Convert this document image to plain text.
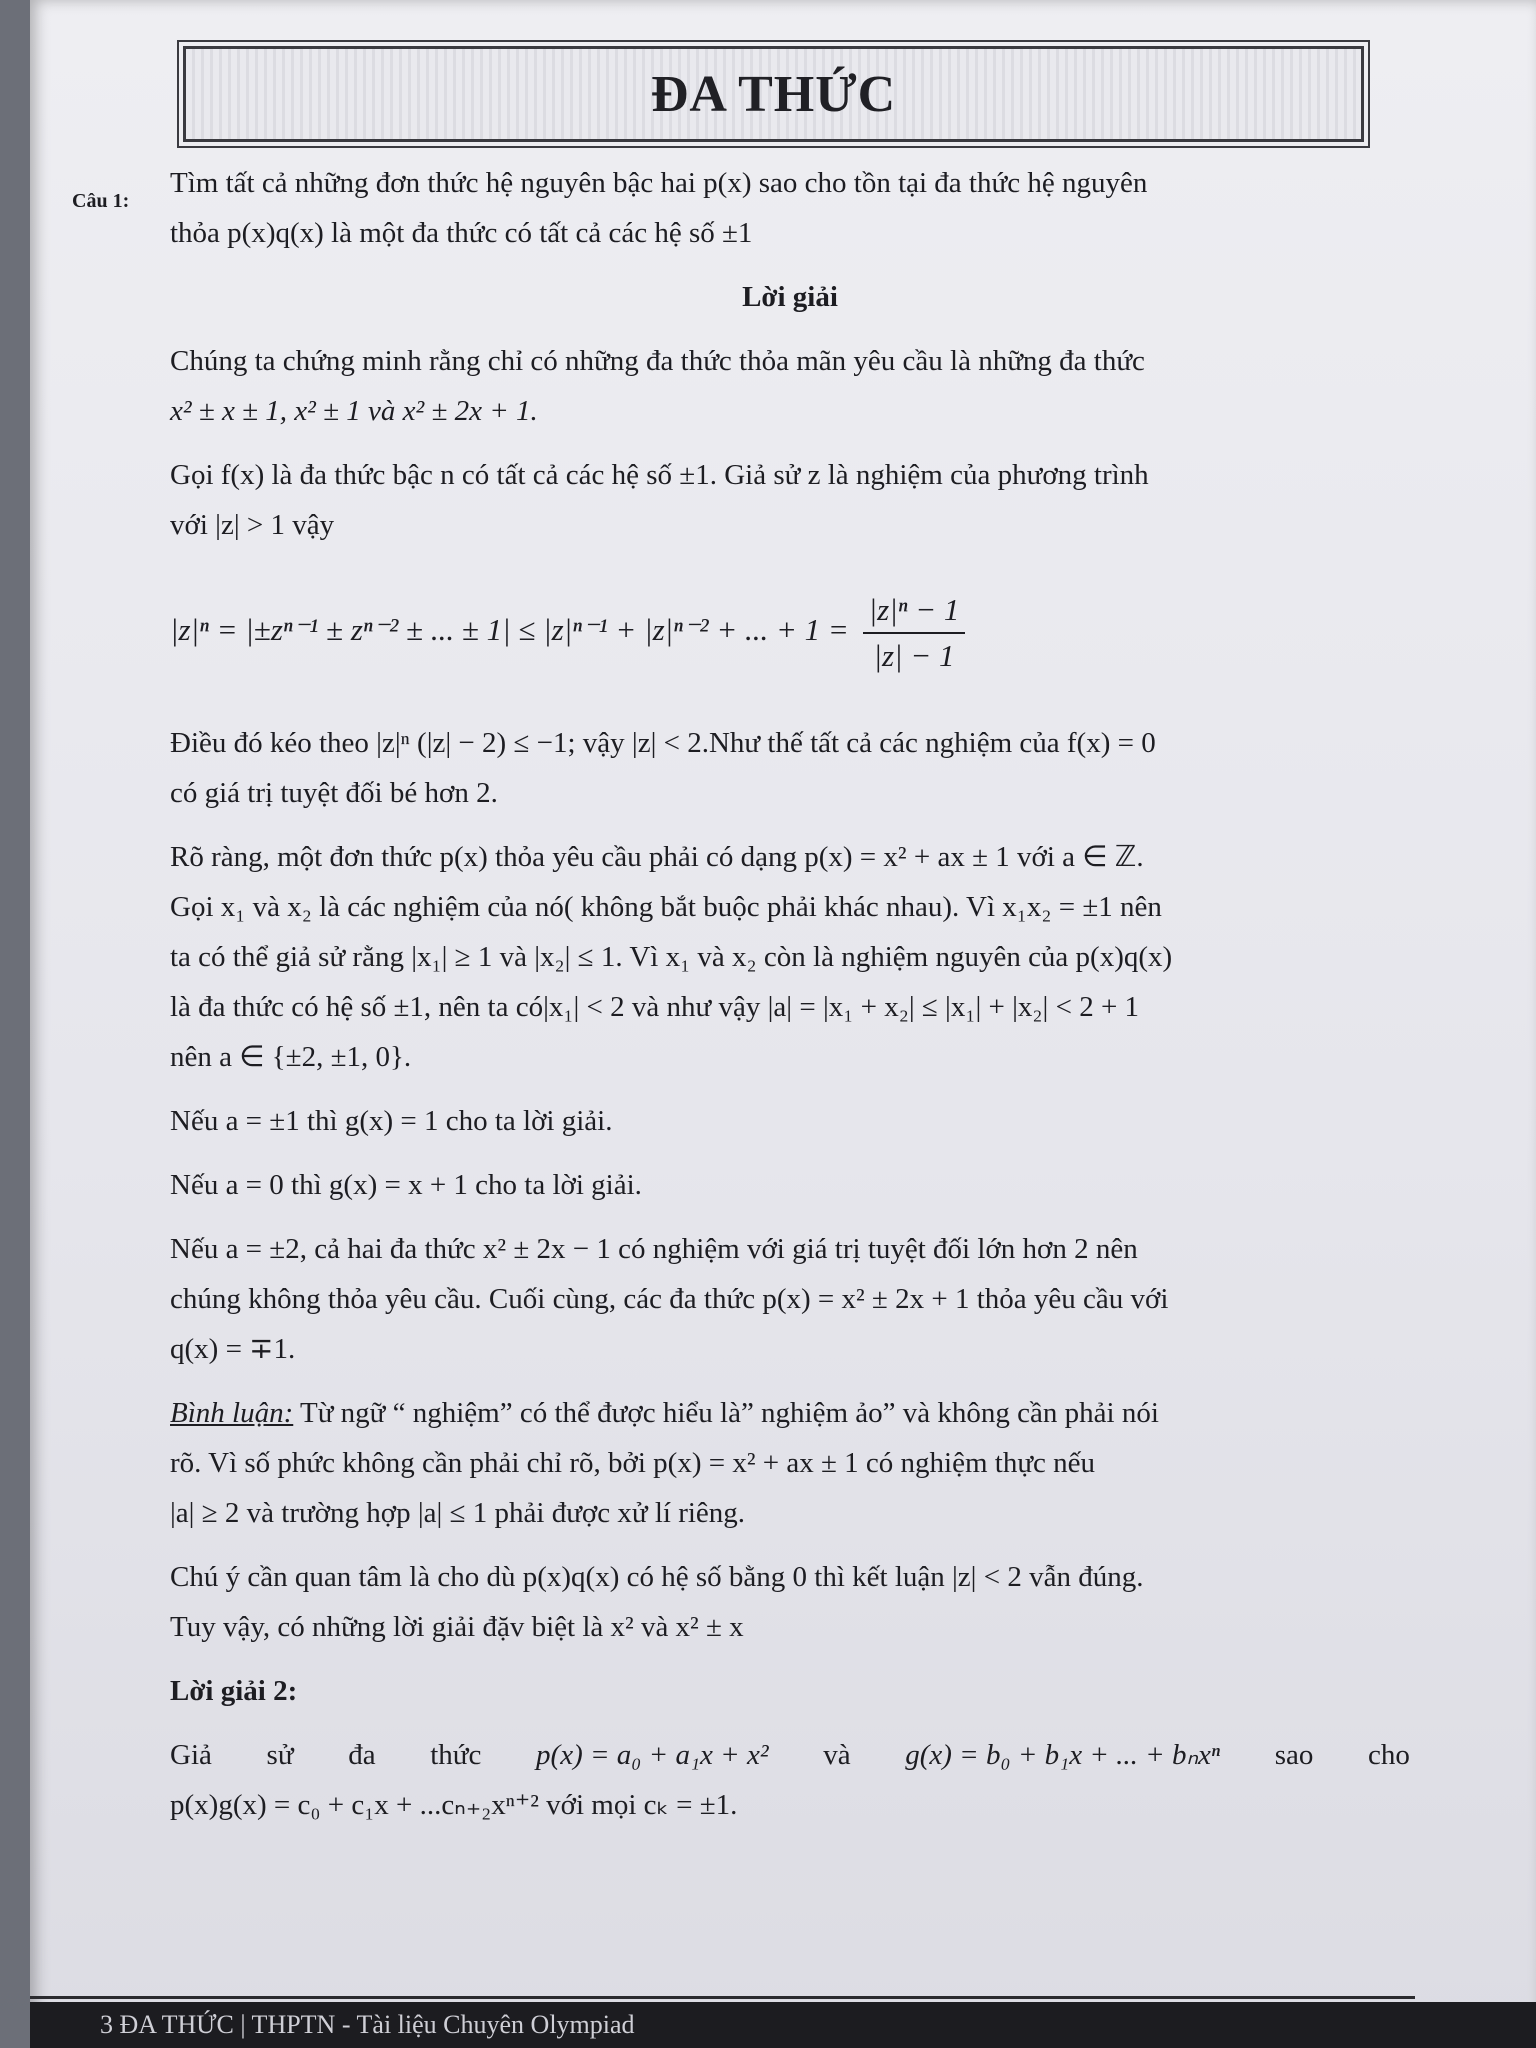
ĐA THỨC
Câu 1:

Tìm tất cả những đơn thức hệ nguyên bậc hai p(x) sao cho tồn tại đa thức hệ nguyên
thỏa p(x)q(x) là một đa thức có tất cả các hệ số ±1

Lời giải

Chúng ta chứng minh rằng chỉ có những đa thức thỏa mãn yêu cầu là những đa thức
x² ± x ± 1, x² ± 1 và x² ± 2x + 1.

Gọi f(x) là đa thức bậc n có tất cả các hệ số ±1. Giả sử z là nghiệm của phương trình
với |z| > 1 vậy

|z|ⁿ = |±zⁿ⁻¹ ± zⁿ⁻² ± ... ± 1| ≤ |z|ⁿ⁻¹ + |z|ⁿ⁻² + ... + $1 = \frac{\text{|z|ⁿ − 1}}{|z| - 1}$

Điều đó kéo theo |z|ⁿ (|z| − 2) ≤ −1; vậy |z| < 2.Như thế tất cả các nghiệm của f(x) = 0
có giá trị tuyệt đối bé hơn 2.

Rõ ràng, một đơn thức p(x) thỏa yêu cầu phải có dạng p(x) = x² + ax ± 1 với a ∈ ℤ.
Gọi x₁ và x₂ là các nghiệm của nó( không bắt buộc phải khác nhau). Vì x₁x₂ = ±1 nên
ta có thể giả sử rằng |x₁| ≥ 1 và |x₂| ≤ 1. Vì x₁ và x₂ còn là nghiệm nguyên của p(x)q(x)
là đa thức có hệ số ±1, nên ta có|x₁| < 2 và như vậy |a| = |x₁ + x₂| ≤ |x₁| + |x₂| < 2 + 1
nên a ∈ {±2, ±1, 0}.

Nếu a = ±1 thì g(x) = 1 cho ta lời giải.

Nếu a = 0 thì g(x) = x + 1 cho ta lời giải.

Nếu a = ±2, cả hai đa thức x² ± 2x − 1 có nghiệm với giá trị tuyệt đối lớn hơn 2 nên
chúng không thỏa yêu cầu. Cuối cùng, các đa thức p(x) = x² ± 2x + 1 thỏa yêu cầu với
q(x) = ∓1.

Bình luận: Từ ngữ “ nghiệm” có thể được hiểu là” nghiệm ảo” và không cần phải nói
rõ. Vì số phức không cần phải chỉ rõ, bởi p(x) = x² + ax ± 1 có nghiệm thực nếu
|a| ≥ 2 và trường hợp |a| ≤ 1 phải được xử lí riêng.

Chú ý cần quan tâm là cho dù p(x)q(x) có hệ số bằng 0 thì kết luận |z| < 2 vẫn đúng.
Tuy vậy, có những lời giải đặv biệt là x² và x² ± x

Lời giải 2:

Giả sử đa thức p(x) = a₀ + a₁x + x² và g(x) = b₀ + b₁x + ... + bₙxⁿ sao cho
p(x)g(x) = c₀ + c₁x + ...cₙ₊₂xⁿ⁺² với mọi cₖ = ±1.
3 ĐA THỨC | THPTN - Tài liệu Chuyên Olympiad
